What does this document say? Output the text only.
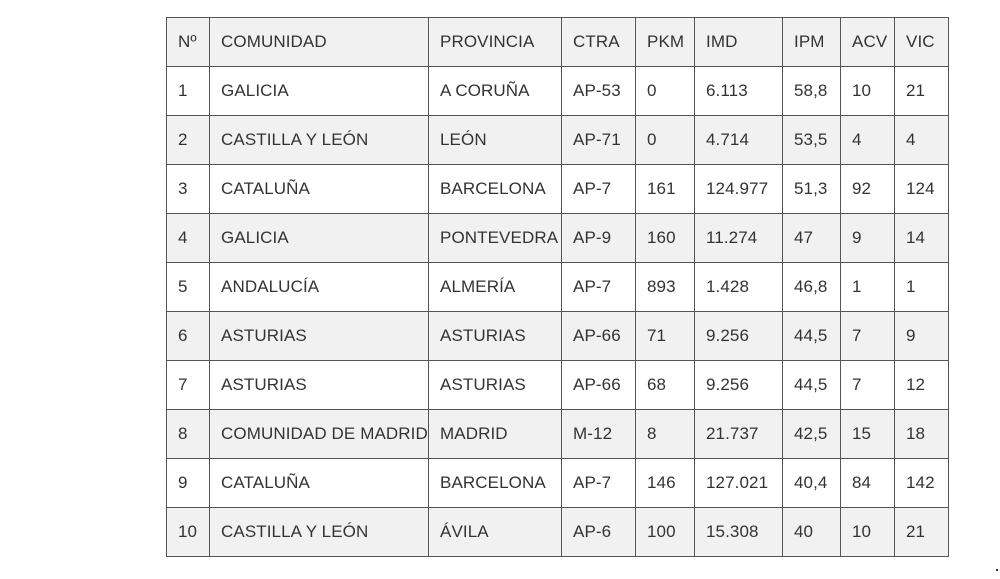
Nº	COMUNIDAD	PROVINCIA	CTRA	PKM	IMD	IPM	ACV	VIC
1	GALICIA	A CORUÑA	AP-53	0	6.113	58,8	10	21
2	CASTILLA Y LEÓN	LEÓN	AP-71	0	4.714	53,5	4	4
3	CATALUÑA	BARCELONA	AP-7	161	124.977	51,3	92	124
4	GALICIA	PONTEVEDRA	AP-9	160	11.274	47	9	14
5	ANDALUCÍA	ALMERÍA	AP-7	893	1.428	46,8	1	1
6	ASTURIAS	ASTURIAS	AP-66	71	9.256	44,5	7	9
7	ASTURIAS	ASTURIAS	AP-66	68	9.256	44,5	7	12
8	COMUNIDAD DE MADRID	MADRID	M-12	8	21.737	42,5	15	18
9	CATALUÑA	BARCELONA	AP-7	146	127.021	40,4	84	142
10	CASTILLA Y LEÓN	ÁVILA	AP-6	100	15.308	40	10	21
